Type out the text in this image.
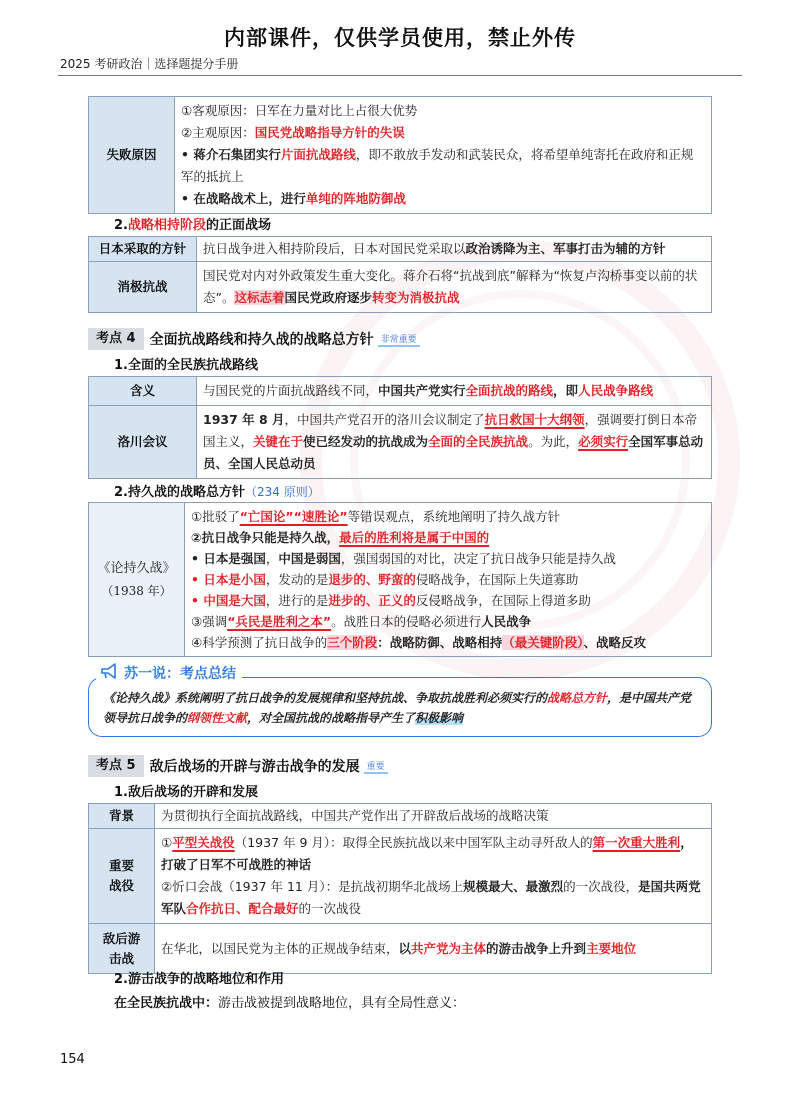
内部课件，仅供学员使用，禁止外传
2025 考研政治｜选择题提分手册
失败原因	
①客观原因：日军在力量对比上占很大优势
②主观原因：国民党战略指导方针的失误
• 蒋介石集团实行片面抗战路线，即不敢放手发动和武装民众，将希望单纯寄托在政府和正规军的抵抗上
• 在战略战术上，进行单纯的阵地防御战
2.战略相持阶段的正面战场
日本采取的方针	抗日战争进入相持阶段后，日本对国民党采取以政治诱降为主、军事打击为辅的方针
消极抗战	国民党对内对外政策发生重大变化。蒋介石将“抗战到底”解释为“恢复卢沟桥事变以前的状态”。这标志着国民党政府逐步转变为消极抗战
考点 4	全面抗战路线和持久战的战略总方针 非常重要
1.全面的全民族抗战路线
含义	与国民党的片面抗战路线不同，中国共产党实行全面抗战的路线，即人民战争路线
洛川会议	1937 年 8 月，中国共产党召开的洛川会议制定了抗日救国十大纲领，强调要打倒日本帝国主义，关键在于使已经发动的抗战成为全面的全民族抗战。为此，必须实行全国军事总动员、全国人民总动员
2.持久战的战略总方针（234 原则）
《论持久战》
（1938 年）

①批驳了“亡国论”“速胜论”等错误观点，系统地阐明了持久战方针
②抗日战争只能是持久战，最后的胜利将是属于中国的
• 日本是强国，中国是弱国，强国弱国的对比，决定了抗日战争只能是持久战
• 日本是小国，发动的是退步的、野蛮的侵略战争，在国际上失道寡助
• 中国是大国，进行的是进步的、正义的反侵略战争，在国际上得道多助
③强调“兵民是胜利之本”。战胜日本的侵略必须进行人民战争
④科学预测了抗日战争的三个阶段：战略防御、战略相持（最关键阶段）、战略反攻
《论持久战》系统阐明了抗日战争的发展规律和坚持抗战、争取抗战胜利必须实行的战略总方针，是中国共产党领导抗日战争的纲领性文献，对全国抗战的战略指导产生了积极影响
苏一说：考点总结
考点 5	敌后战场的开辟与游击战争的发展 重要
1.敌后战场的开辟和发展
背景	为贯彻执行全面抗战路线，中国共产党作出了开辟敌后战场的战略决策
重要战役	①平型关战役（1937 年 9 月）：取得全民族抗战以来中国军队主动寻歼敌人的第一次重大胜利，打破了日军不可战胜的神话
②忻口会战（1937 年 11 月）：是抗战初期华北战场上规模最大、最激烈的一次战役，是国共两党军队合作抗日、配合最好的一次战役

敌后游击战	在华北，以国民党为主体的正规战争结束，以共产党为主体的游击战争上升到主要地位
2.游击战争的战略地位和作用
在全民族抗战中：游击战被提到战略地位，具有全局性意义：
154
